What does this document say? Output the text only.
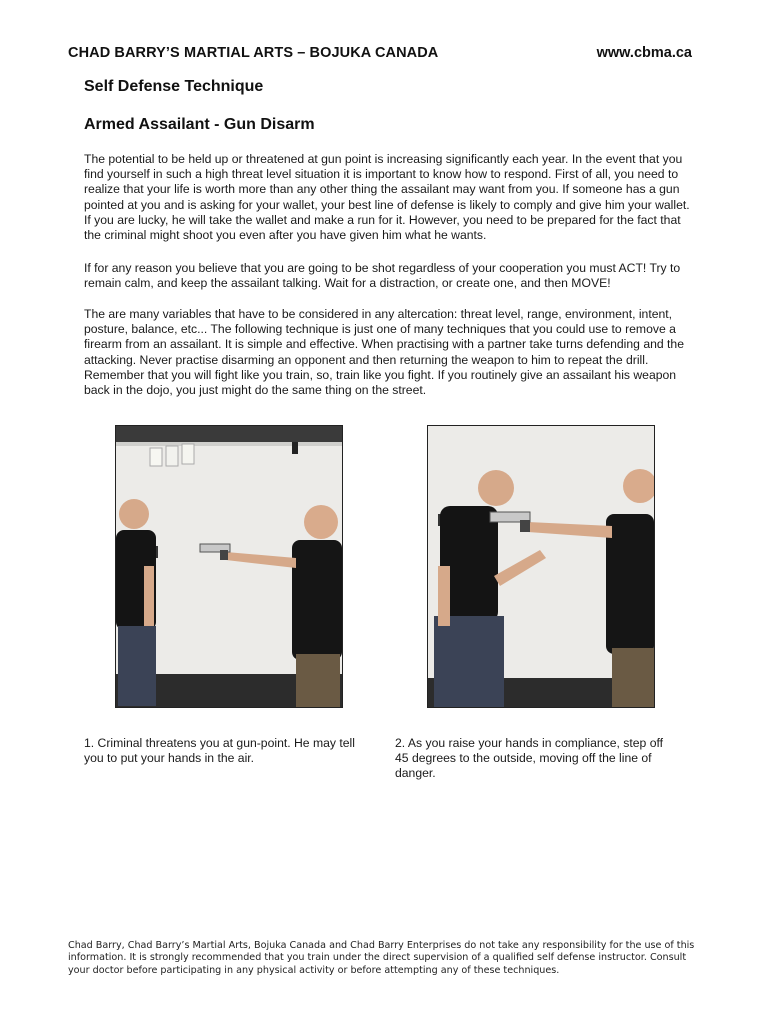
CHAD BARRY’S MARTIAL ARTS – BOJUKA CANADA	www.cbma.ca
Self Defense Technique
Armed Assailant - Gun Disarm
The potential to be held up or threatened at gun point is increasing significantly each year. In the event that you find yourself in such a high threat level situation it is important to know how to respond. First of all, you need to realize that your life is worth more than any other thing the assailant may want from you. If someone has a gun pointed at you and is asking for your wallet, your best line of defense is likely to comply and give him your wallet. If you are lucky, he will take the wallet and make a run for it. However, you need to be prepared for the fact that the criminal might shoot you even after you have given him what he wants.
If for any reason you believe that you are going to be shot regardless of your cooperation you must ACT! Try to remain calm, and keep the assailant talking. Wait for a distraction, or create one, and then MOVE!
The are many variables that have to be considered in any altercation: threat level, range, environment, intent, posture, balance, etc... The following technique is just one of many techniques that you could use to remove a firearm from an assailant. It is simple and effective. When practising with a partner take turns defending and the attacking. Never practise disarming an opponent and then returning the weapon to him to repeat the drill. Remember that you will fight like you train, so, train like you fight. If you routinely give an assailant his weapon back in the dojo, you just might do the same thing on the street.
1. Criminal threatens you at gun-point. He may tell you to put your hands in the air.
2. As you raise your hands in compliance, step off 45 degrees to the outside, moving off the line of danger.
Chad Barry, Chad Barry’s Martial Arts, Bojuka Canada and Chad Barry Enterprises do not take any responsibility for the use of this information. It is strongly recommended that you train under the direct supervision of a qualified self defense instructor. Consult your doctor before participating in any physical activity or before attempting any of these techniques.
